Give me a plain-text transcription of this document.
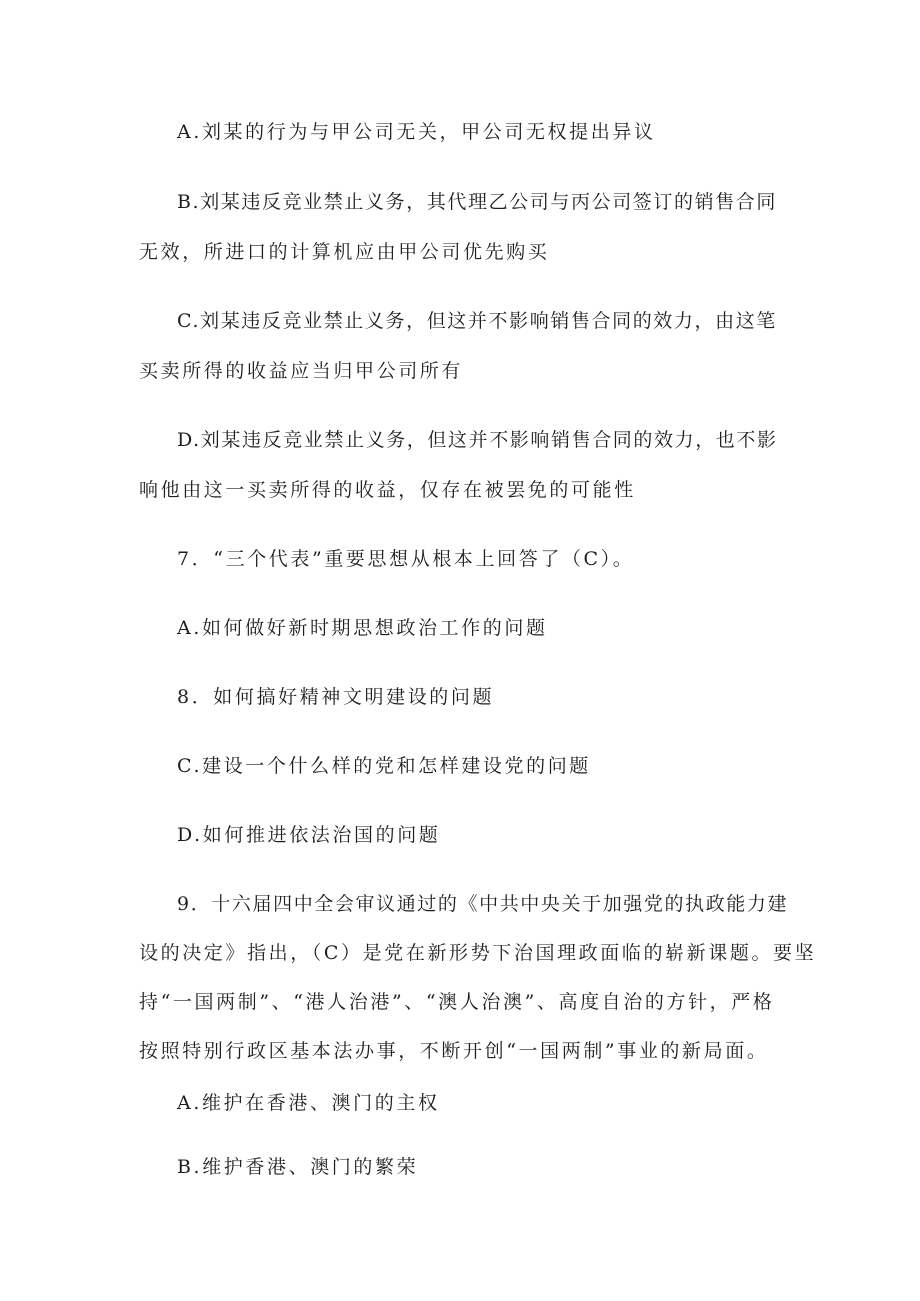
A.刘某的行为与甲公司无关，甲公司无权提出异议
B.刘某违反竞业禁止义务，其代理乙公司与丙公司签订的销售合同
无效，所进口的计算机应由甲公司优先购买
C.刘某违反竞业禁止义务，但这并不影响销售合同的效力，由这笔
买卖所得的收益应当归甲公司所有
D.刘某违反竞业禁止义务，但这并不影响销售合同的效力，也不影
响他由这一买卖所得的收益，仅存在被罢免的可能性
7．“三个代表”重要思想从根本上回答了（C）。
A.如何做好新时期思想政治工作的问题
8．如何搞好精神文明建设的问题
C.建设一个什么样的党和怎样建设党的问题
D.如何推进依法治国的问题
9．十六届四中全会审议通过的《中共中央关于加强党的执政能力建
设的决定》指出，（C）是党在新形势下治国理政面临的崭新课题。要坚
持“一国两制”、“港人治港”、“澳人治澳”、高度自治的方针，严格
按照特别行政区基本法办事，不断开创“一国两制”事业的新局面。
A.维护在香港、澳门的主权
B.维护香港、澳门的繁荣
